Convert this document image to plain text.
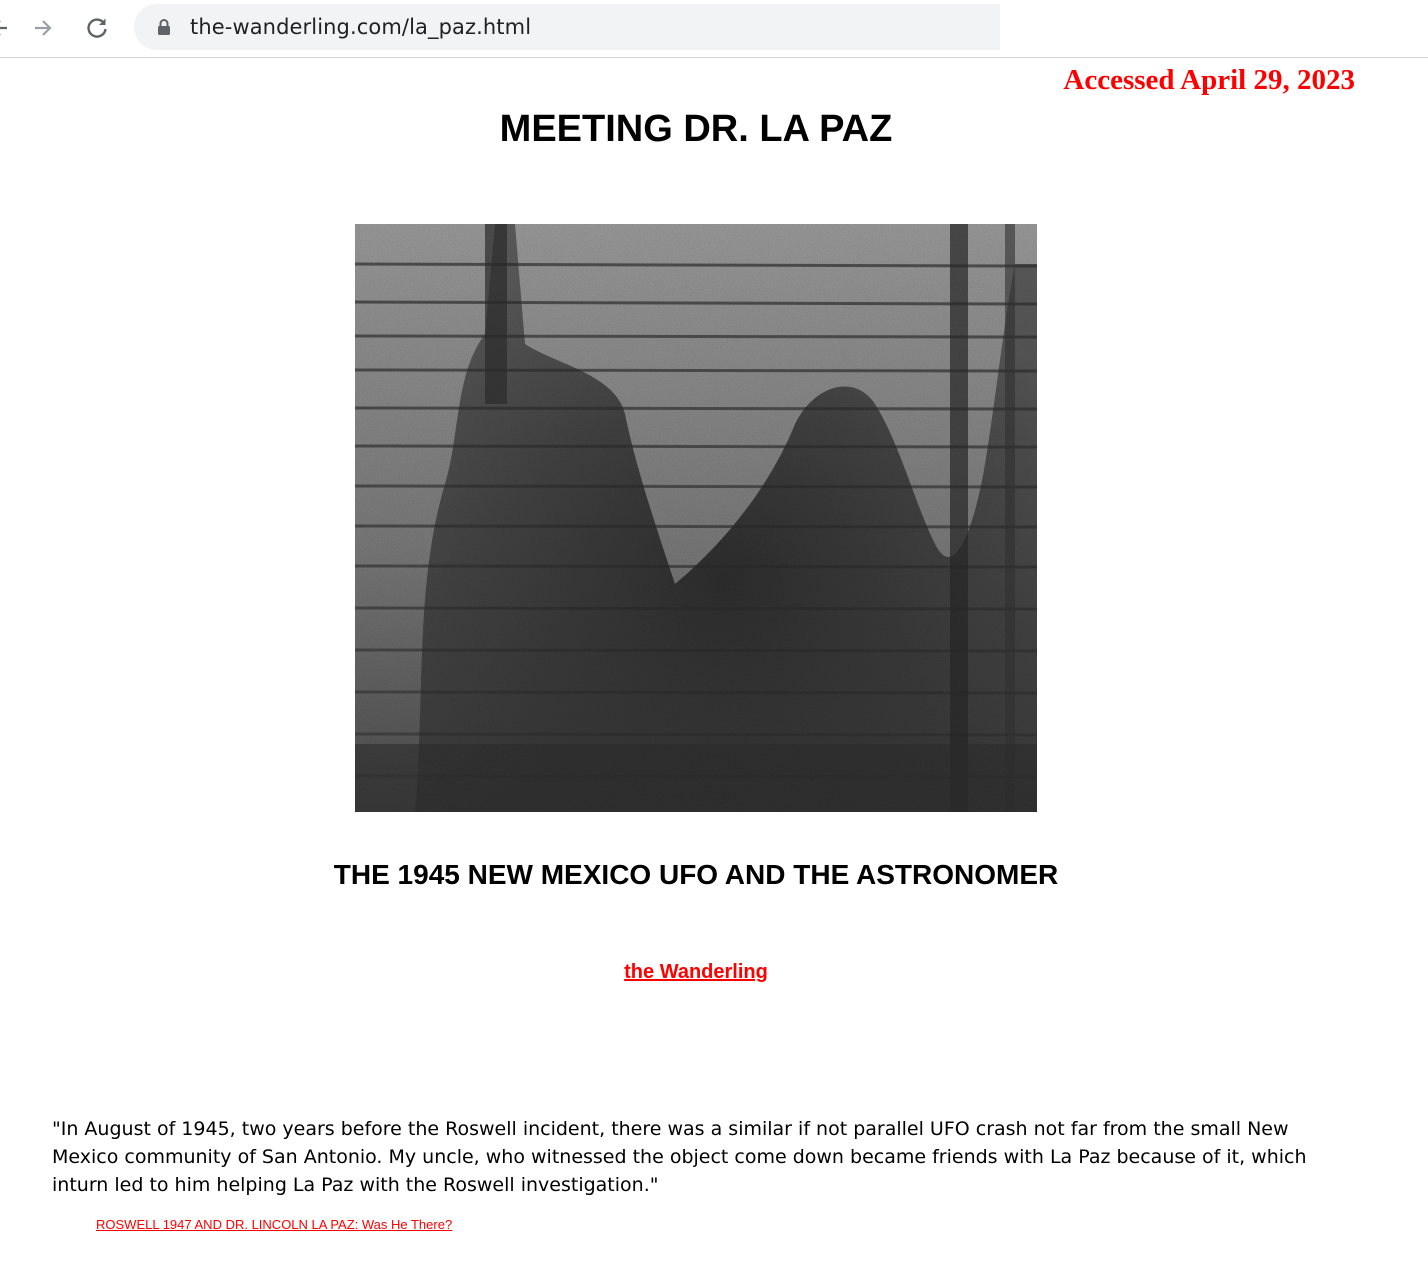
the-wanderling.com/la_paz.html
Accessed April 29, 2023
MEETING DR. LA PAZ
THE 1945 NEW MEXICO UFO AND THE ASTRONOMER
the Wanderling

"In August of 1945, two years before the Roswell incident, there was a similar if not parallel UFO crash not far from the small New Mexico community of San Antonio. My uncle, who witnessed the object come down became friends with La Paz because of it, which inturn led to him helping La Paz with the Roswell investigation."

ROSWELL 1947 AND DR. LINCOLN LA PAZ: Was He There?
